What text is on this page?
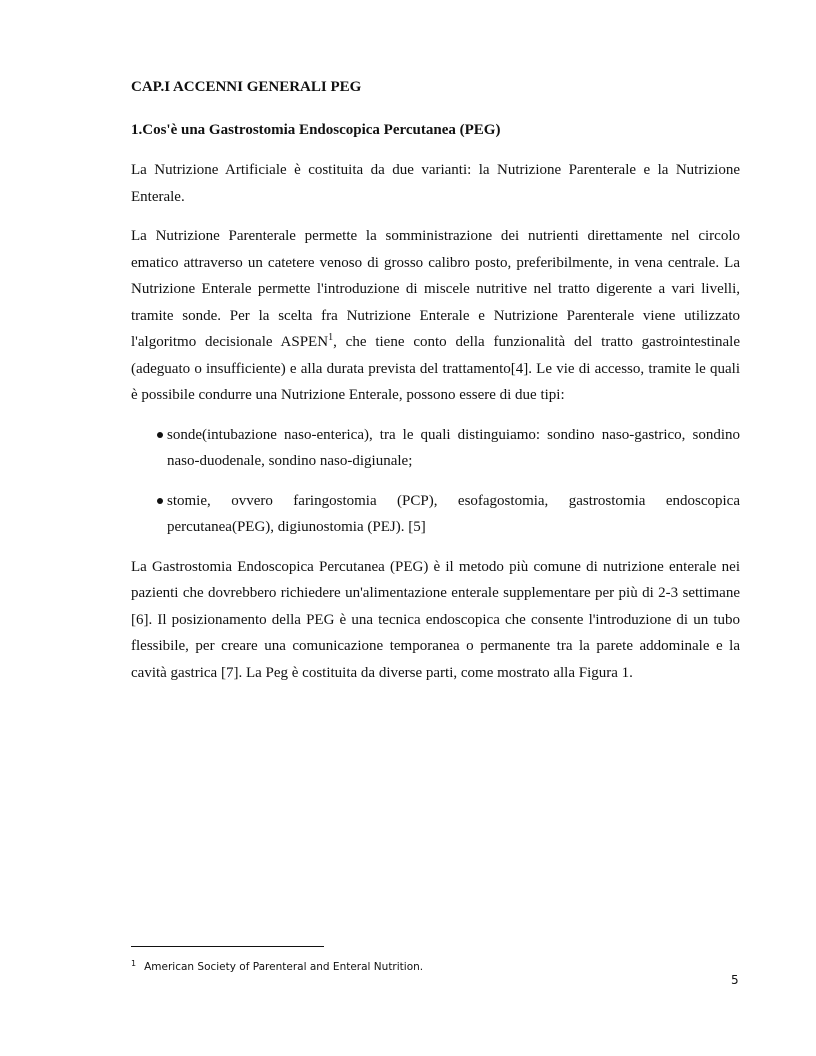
CAP.I ACCENNI GENERALI PEG

1.Cos'è una Gastrostomia Endoscopica Percutanea (PEG)

La Nutrizione Artificiale è costituita da due varianti: la Nutrizione Parenterale e la Nutrizione Enterale.

La Nutrizione Parenterale permette la somministrazione dei nutrienti direttamente nel circolo ematico attraverso un catetere venoso di grosso calibro posto, preferibilmente, in vena centrale. La Nutrizione Enterale permette l'introduzione di miscele nutritive nel tratto digerente a vari livelli, tramite sonde. Per la scelta fra Nutrizione Enterale e Nutrizione Parenterale viene utilizzato l'algoritmo decisionale ASPEN$^1$, che tiene conto della funzionalità del tratto gastrointestinale (adeguato o insufficiente) e alla durata prevista del trattamento[4]. Le vie di accesso, tramite le quali è possibile condurre una Nutrizione Enterale, possono essere di due tipi:

sonde(intubazione naso-enterica), tra le quali distinguiamo: sondino naso-gastrico, sondino naso-duodenale, sondino naso-digiunale;
stomie, ovvero faringostomia (PCP), esofagostomia, gastrostomia endoscopica percutanea(PEG), digiunostomia (PEJ). [5]

La Gastrostomia Endoscopica Percutanea (PEG) è il metodo più comune di nutrizione enterale nei pazienti che dovrebbero richiedere un'alimentazione enterale supplementare per più di 2-3 settimane [6]. Il posizionamento della PEG è una tecnica endoscopica che consente l'introduzione di un tubo flessibile, per creare una comunicazione temporanea o permanente tra la parete addominale e la cavità gastrica [7]. La Peg è costituita da diverse parti, come mostrato alla Figura 1.

$^1$ American Society of Parenteral and Enteral Nutrition.
5
